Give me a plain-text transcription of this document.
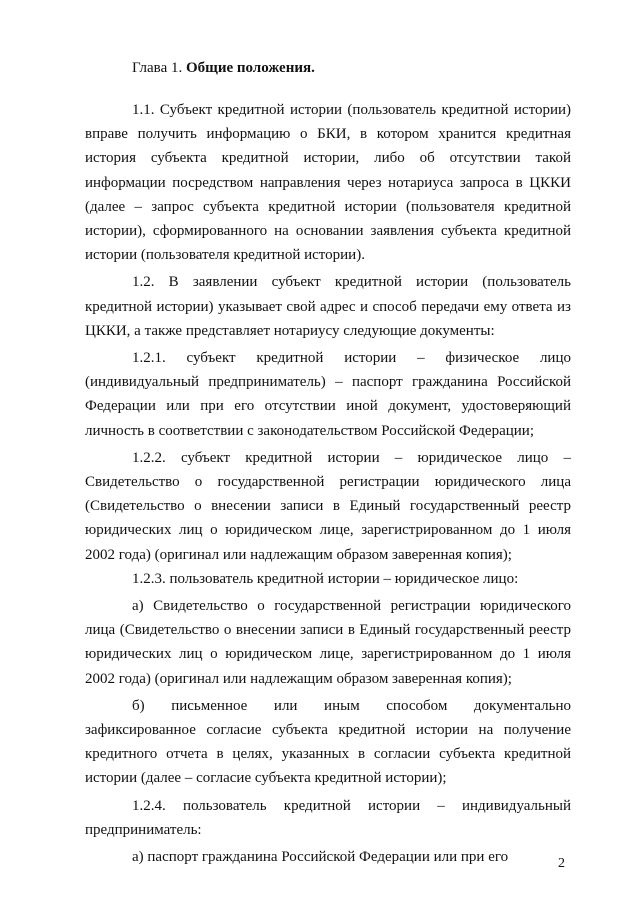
Глава 1. Общие положения.

1.1. Субъект кредитной истории (пользователь кредитной истории) вправе получить информацию о БКИ, в котором хранится кредитная история субъекта кредитной истории, либо об отсутствии такой информации посредством направления через нотариуса запроса в ЦККИ (далее – запрос субъекта кредитной истории (пользователя кредитной истории), сформированного на основании заявления субъекта кредитной истории (пользователя кредитной истории).

1.2. В заявлении субъект кредитной истории (пользователь кредитной истории) указывает свой адрес и способ передачи ему ответа из ЦККИ, а также представляет нотариусу следующие документы:

1.2.1. субъект кредитной истории – физическое лицо (индивидуальный предприниматель) – паспорт гражданина Российской Федерации или при его отсутствии иной документ, удостоверяющий личность в соответствии с законодательством Российской Федерации;

1.2.2. субъект кредитной истории – юридическое лицо – Свидетельство о государственной регистрации юридического лица (Свидетельство о внесении записи в Единый государственный реестр юридических лиц о юридическом лице, зарегистрированном до 1 июля 2002 года) (оригинал или надлежащим образом заверенная копия);

1.2.3. пользователь кредитной истории – юридическое лицо:

а) Свидетельство о государственной регистрации юридического лица (Свидетельство о внесении записи в Единый государственный реестр юридических лиц о юридическом лице, зарегистрированном до 1 июля 2002 года) (оригинал или надлежащим образом заверенная копия);

б) письменное или иным способом документально зафиксированное согласие субъекта кредитной истории на получение кредитного отчета в целях, указанных в согласии субъекта кредитной истории (далее – согласие субъекта кредитной истории);

1.2.4. пользователь кредитной истории – индивидуальный предприниматель:

а) паспорт гражданина Российской Федерации или при его	2
